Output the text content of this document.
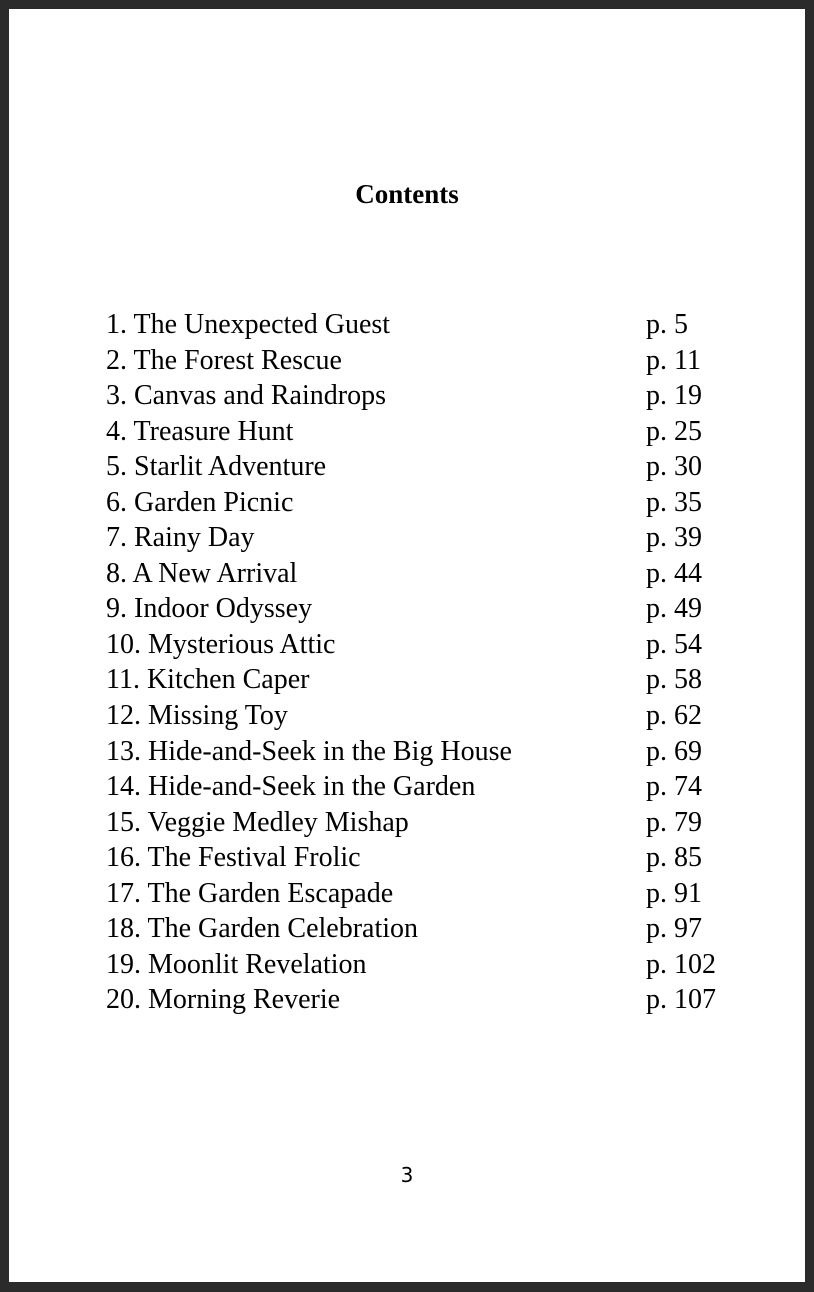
Contents
1. The Unexpected Guest	p. 5
2. The Forest Rescue	p. 11
3. Canvas and Raindrops	p. 19
4. Treasure Hunt	p. 25
5. Starlit Adventure	p. 30
6. Garden Picnic	p. 35
7. Rainy Day	p. 39
8. A New Arrival	p. 44
9. Indoor Odyssey	p. 49
10. Mysterious Attic	p. 54
11. Kitchen Caper	p. 58
12. Missing Toy	p. 62
13. Hide-and-Seek in the Big House	p. 69
14. Hide-and-Seek in the Garden	p. 74
15. Veggie Medley Mishap	p. 79
16. The Festival Frolic	p. 85
17. The Garden Escapade	p. 91
18. The Garden Celebration	p. 97
19. Moonlit Revelation	p. 102
20. Morning Reverie	p. 107
3
